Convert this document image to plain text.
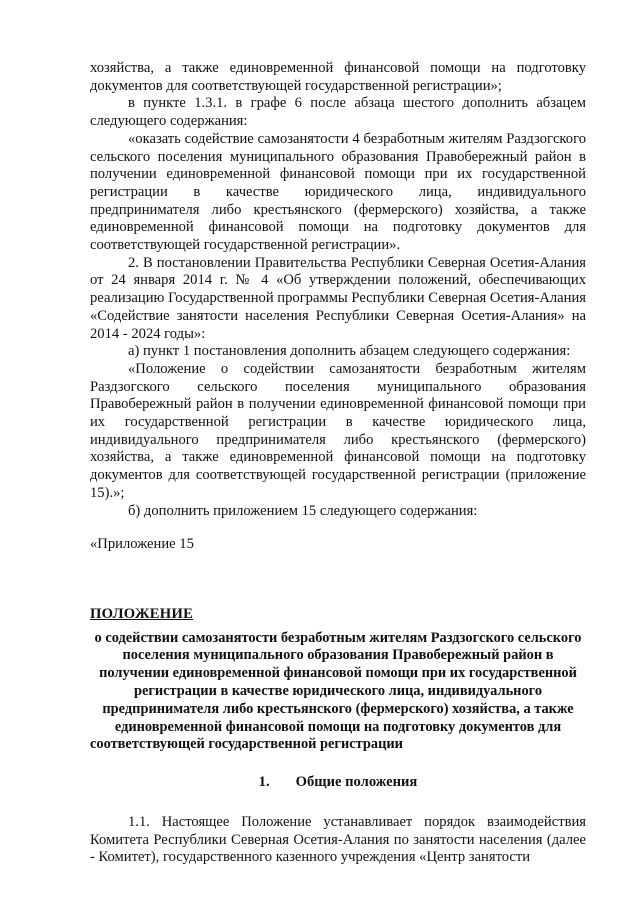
хозяйства, а также единовременной финансовой помощи на подготовку документов для соответствующей государственной регистрации»;

в пункте 1.3.1. в графе 6 после абзаца шестого дополнить абзацем следующего содержания:

«оказать содействие самозанятости 4 безработным жителям Раздзогского сельского поселения муниципального образования Правобережный район в получении единовременной финансовой помощи при их государственной регистрации в качестве юридического лица, индивидуального предпринимателя либо крестьянского (фермерского) хозяйства, а также единовременной финансовой помощи на подготовку документов для соответствующей государственной регистрации».

2. В постановлении Правительства Республики Северная Осетия-Алания от 24 января 2014 г. № 4 «Об утверждении положений, обеспечивающих реализацию Государственной программы Республики Северная Осетия-Алания «Содействие занятости населения Республики Северная Осетия-Алания» на 2014 - 2024 годы»:

а) пункт 1 постановления дополнить абзацем следующего содержания:

«Положение о содействии самозанятости безработным жителям Раздзогского сельского поселения муниципального образования Правобережный район в получении единовременной финансовой помощи при их государственной регистрации в качестве юридического лица, индивидуального предпринимателя либо крестьянского (фермерского) хозяйства, а также единовременной финансовой помощи на подготовку документов для соответствующей государственной регистрации (приложение 15).»;

б) дополнить приложением 15 следующего содержания:

«Приложение 15

ПОЛОЖЕНИЕ

о содействии самозанятости безработным жителям Раздзогского сельского поселения муниципального образования Правобережный район в получении единовременной финансовой помощи при их государственной регистрации в качестве юридического лица, индивидуального предпринимателя либо крестьянского (фермерского) хозяйства, а также единовременной финансовой помощи на подготовку документов для соответствующей государственной регистрации

1. Общие положения

1.1. Настоящее Положение устанавливает порядок взаимодействия Комитета Республики Северная Осетия-Алания по занятости населения (далее - Комитет), государственного казенного учреждения «Центр занятости
